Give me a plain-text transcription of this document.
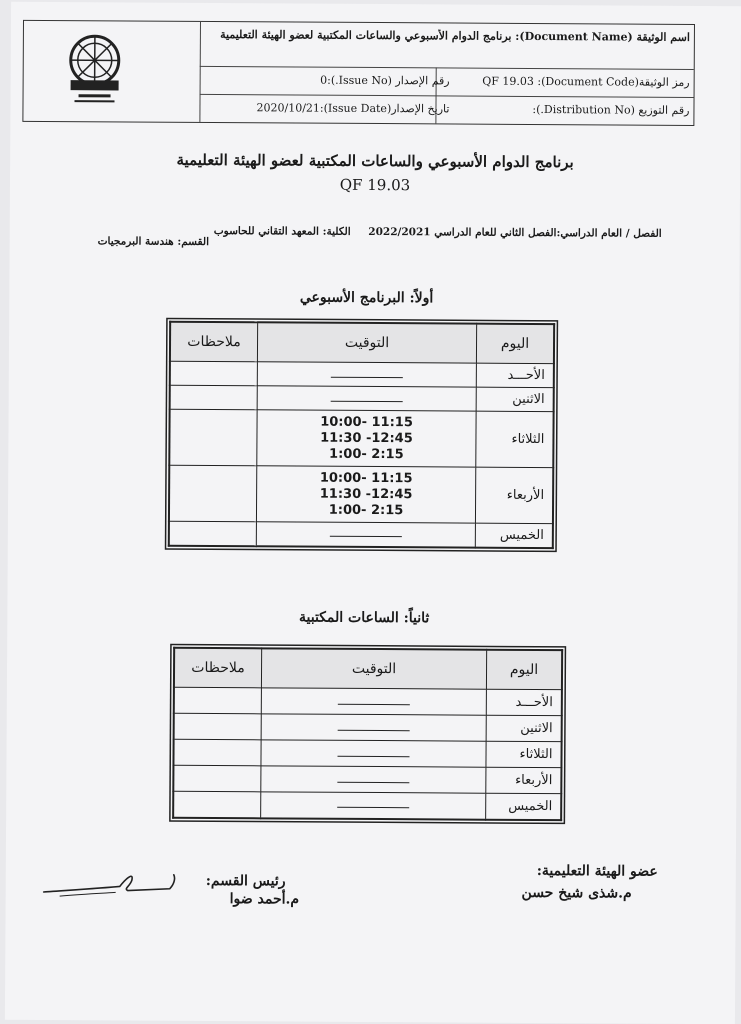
اسم الوثيقة (Document Name): برنامج الدوام الأسبوعي والساعات المكتبية لعضو الهيئة التعليمية
رمز الوثيقة(Document Code): QF 19.03
رقم الإصدار (Issue No.):0
رقم التوزيع (Distribution No.):
تاريخ الإصدار(Issue Date):2020/10/21
برنامج الدوام الأسبوعي والساعات المكتبية لعضو الهيئة التعليمية
QF 19.03
الفصل / العام الدراسي:الفصل الثاني للعام الدراسي 2022/2021 الكلية: المعهد التقاني للحاسوب
القسم: هندسة البرمجيات
أولاً: البرنامج الأسبوعي
اليوم	التوقيت	ملاحظات
الأحـــد		
الاثنين		
الثلاثاء	10:00- 11:15
11:30 -12:45
1:00- 2:15	

الأربعاء	10:00- 11:15
11:30 -12:45
1:00- 2:15	

الخميس		
ثانياً: الساعات المكتبية
اليوم	التوقيت	ملاحظات
الأحـــد		
الاثنين		
الثلاثاء		
الأربعاء		
الخميس		
عضو الهيئة التعليمية:
م.شذى شيخ حسن
رئيس القسم:
م.أحمد ضوا
